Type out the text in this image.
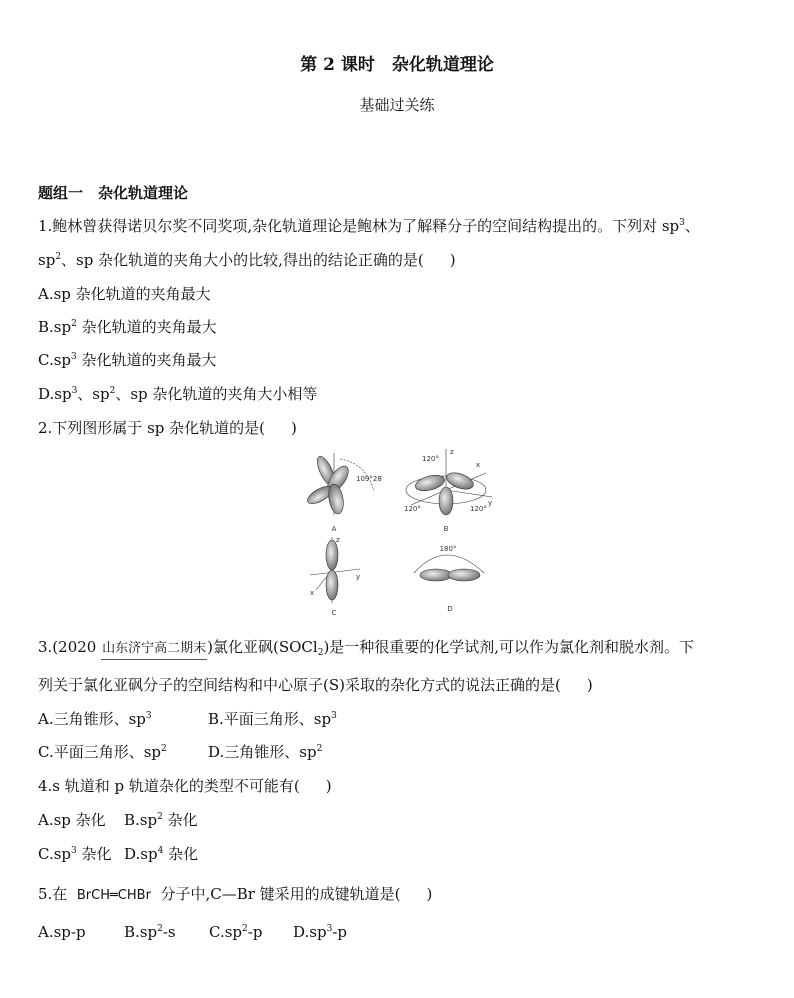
第 2 课时　杂化轨道理论
基础过关练
题组一　杂化轨道理论
1.鲍林曾获得诺贝尔奖不同奖项,杂化轨道理论是鲍林为了解释分子的空间结构提出的。下列对 $sp^3$、
$sp^2$、sp 杂化轨道的夹角大小的比较,得出的结论正确的是( )
A.sp 杂化轨道的夹角最大
$B.sp^2$ 杂化轨道的夹角最大
$C.sp^3$ 杂化轨道的夹角最大
$D.sp^3$、$sp^2$、sp 杂化轨道的夹角大小相等
2.下列图形属于 sp 杂化轨道的是( )
109°28′
A
120°
120°	120°
z
x
y
B
z
y
x
C
180°
D
3.(2020 山东济宁高二期末)氯化亚砜(SOCl$_2$)是一种很重要的化学试剂,可以作为氯化剂和脱水剂。下
列关于氯化亚砜分子的空间结构和中心原子(S)采取的杂化方式的说法正确的是( )
A.三角锥形、$sp^3$	B.平面三角形、$sp^3$
C.平面三角形、$sp^2$	D.三角锥形、$sp^2$
4.s 轨道和 p 轨道杂化的类型不可能有( )
A.sp 杂化 $B.sp^2$ 杂化
$C.sp^3$ 杂化 $D.sp^4$ 杂化
5.在 BrCH═CHBr 分子中,C—Br 键采用的成键轨道是( )
A.sp-p	$B.sp^2-s$ $C.sp^2-p$ $D.sp^3-p$
